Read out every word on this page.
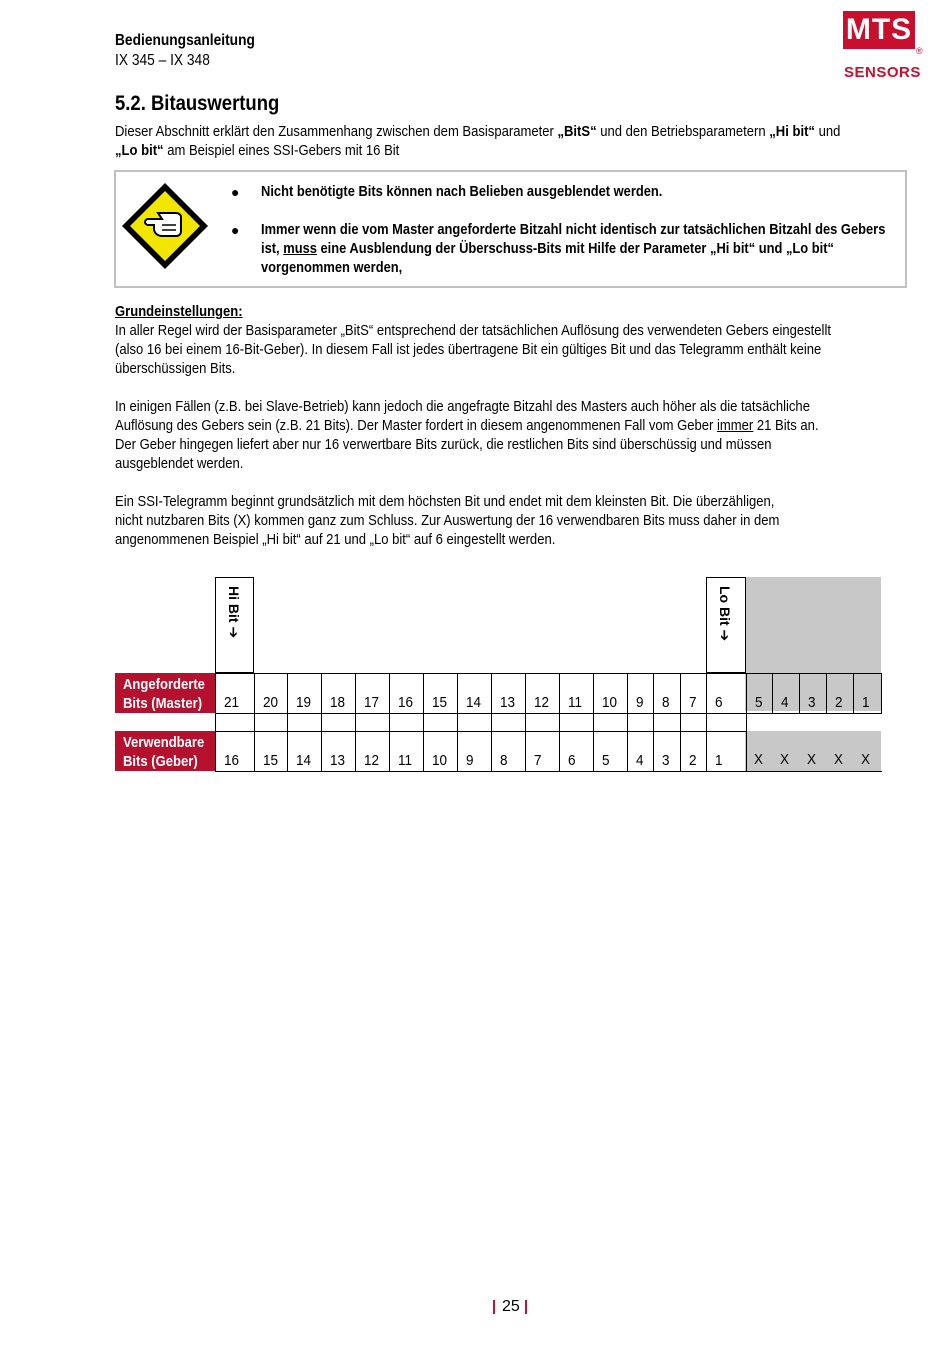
Bedienungsanleitung
IX 345 – IX 348
MTS
®
SENSORS
5.2. Bitauswertung
Dieser Abschnitt erklärt den Zusammenhang zwischen dem Basisparameter „BitS“ und den Betriebsparametern „Hi bit“ und
„Lo bit“ am Beispiel eines SSI-Gebers mit 16 Bit
● Nicht benötigte Bits können nach Belieben ausgeblendet werden.
● Immer wenn die vom Master angeforderte Bitzahl nicht identisch zur tatsächlichen Bitzahl des Gebers
ist, muss eine Ausblendung der Überschuss-Bits mit Hilfe der Parameter „Hi bit“ und „Lo bit“
vorgenommen werden,
Grundeinstellungen:
In aller Regel wird der Basisparameter „BitS“ entsprechend der tatsächlichen Auflösung des verwendeten Gebers eingestellt
(also 16 bei einem 16-Bit-Geber). In diesem Fall ist jedes übertragene Bit ein gültiges Bit und das Telegramm enthält keine
überschüssigen Bits.
In einigen Fällen (z.B. bei Slave-Betrieb) kann jedoch die angefragte Bitzahl des Masters auch höher als die tatsächliche
Auflösung des Gebers sein (z.B. 21 Bits). Der Master fordert in diesem angenommenen Fall vom Geber immer 21 Bits an.
Der Geber hingegen liefert aber nur 16 verwertbare Bits zurück, die restlichen Bits sind überschüssig und müssen
ausgeblendet werden.
Ein SSI-Telegramm beginnt grundsätzlich mit dem höchsten Bit und endet mit dem kleinsten Bit. Die überzähligen,
nicht nutzbaren Bits (X) kommen ganz zum Schluss. Zur Auswertung der 16 verwendbaren Bits muss daher in dem
angenommenen Beispiel „Hi bit“ auf 21 und „Lo bit“ auf 6 eingestellt werden.
Hi Bit ➔	Lo Bit ➔
Angeforderte
Bits (Master)
Verwendbare
Bits (Geber)
21 20 19 18 17 16 15 14 13 12 11 10 9 8 7 6 5 4 3 2 1
16 15 14 13 12 11 10 9 8 7 6 5 4 3 2 1 X X X X X
25
